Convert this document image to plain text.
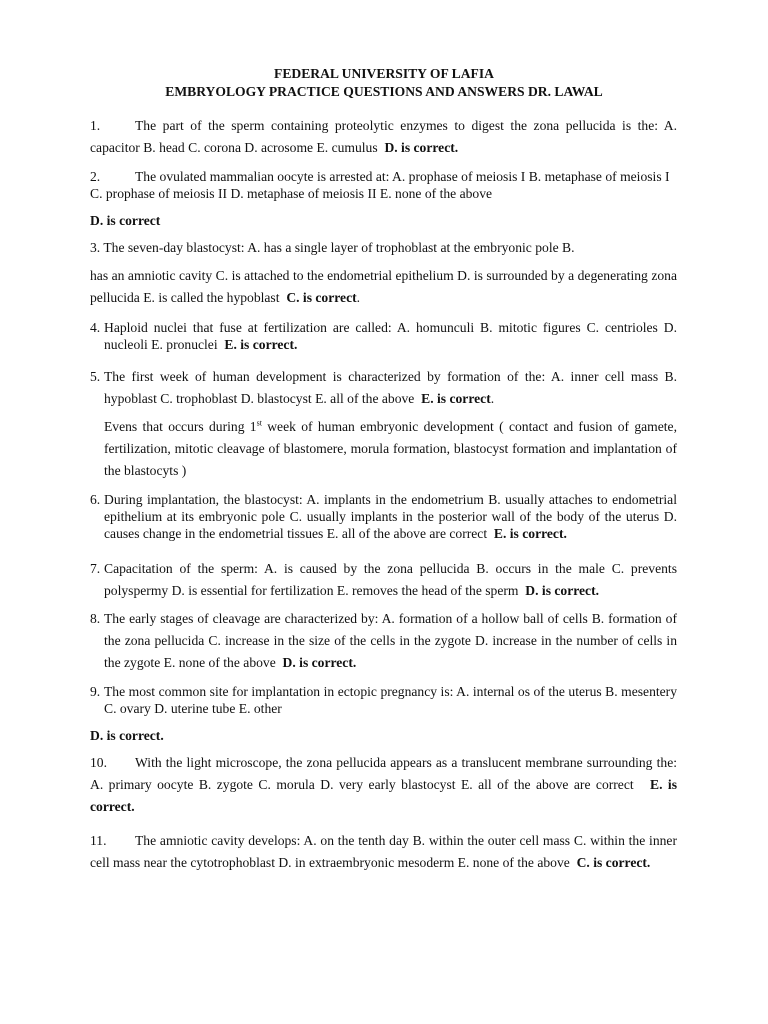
FEDERAL UNIVERSITY OF LAFIA

EMBRYOLOGY PRACTICE QUESTIONS AND ANSWERS DR. LAWAL

1.	The part of the sperm containing proteolytic enzymes to digest the zona pellucida is the: A. capacitor B. head C. corona D. acrosome E. cumulus D. is correct.

2.	The ovulated mammalian oocyte is arrested at: A. prophase of meiosis I B. metaphase of meiosis I C. prophase of meiosis II D. metaphase of meiosis II E. none of the above

D. is correct

3. The seven-day blastocyst: A. has a single layer of trophoblast at the embryonic pole B.

has an amniotic cavity C. is attached to the endometrial epithelium D. is surrounded by a degenerating zona pellucida E. is called the hypoblast C. is correct.

4. Haploid nuclei that fuse at fertilization are called: A. homunculi B. mitotic figures C. centrioles D. nucleoli E. pronuclei E. is correct.

5. The first week of human development is characterized by formation of the: A. inner cell mass B. hypoblast C. trophoblast D. blastocyst E. all of the above E. is correct.

Evens that occurs during 1st week of human embryonic development ( contact and fusion of gamete, fertilization, mitotic cleavage of blastomere, morula formation, blastocyst formation and implantation of the blastocyts )

6. During implantation, the blastocyst: A. implants in the endometrium B. usually attaches to endometrial epithelium at its embryonic pole C. usually implants in the posterior wall of the body of the uterus D. causes change in the endometrial tissues E. all of the above are correct E. is correct.

7. Capacitation of the sperm: A. is caused by the zona pellucida B. occurs in the male C. prevents polyspermy D. is essential for fertilization E. removes the head of the sperm D. is correct.

8. The early stages of cleavage are characterized by: A. formation of a hollow ball of cells B. formation of the zona pellucida C. increase in the size of the cells in the zygote D. increase in the number of cells in the zygote E. none of the above D. is correct.

9. The most common site for implantation in ectopic pregnancy is: A. internal os of the uterus B. mesentery C. ovary D. uterine tube E. other

D. is correct.

10. With the light microscope, the zona pellucida appears as a translucent membrane surrounding the: A. primary oocyte B. zygote C. morula D. very early blastocyst E. all of the above are correct E. is correct.

11. The amniotic cavity develops: A. on the tenth day B. within the outer cell mass C. within the inner cell mass near the cytotrophoblast D. in extraembryonic mesoderm E. none of the above C. is correct.
